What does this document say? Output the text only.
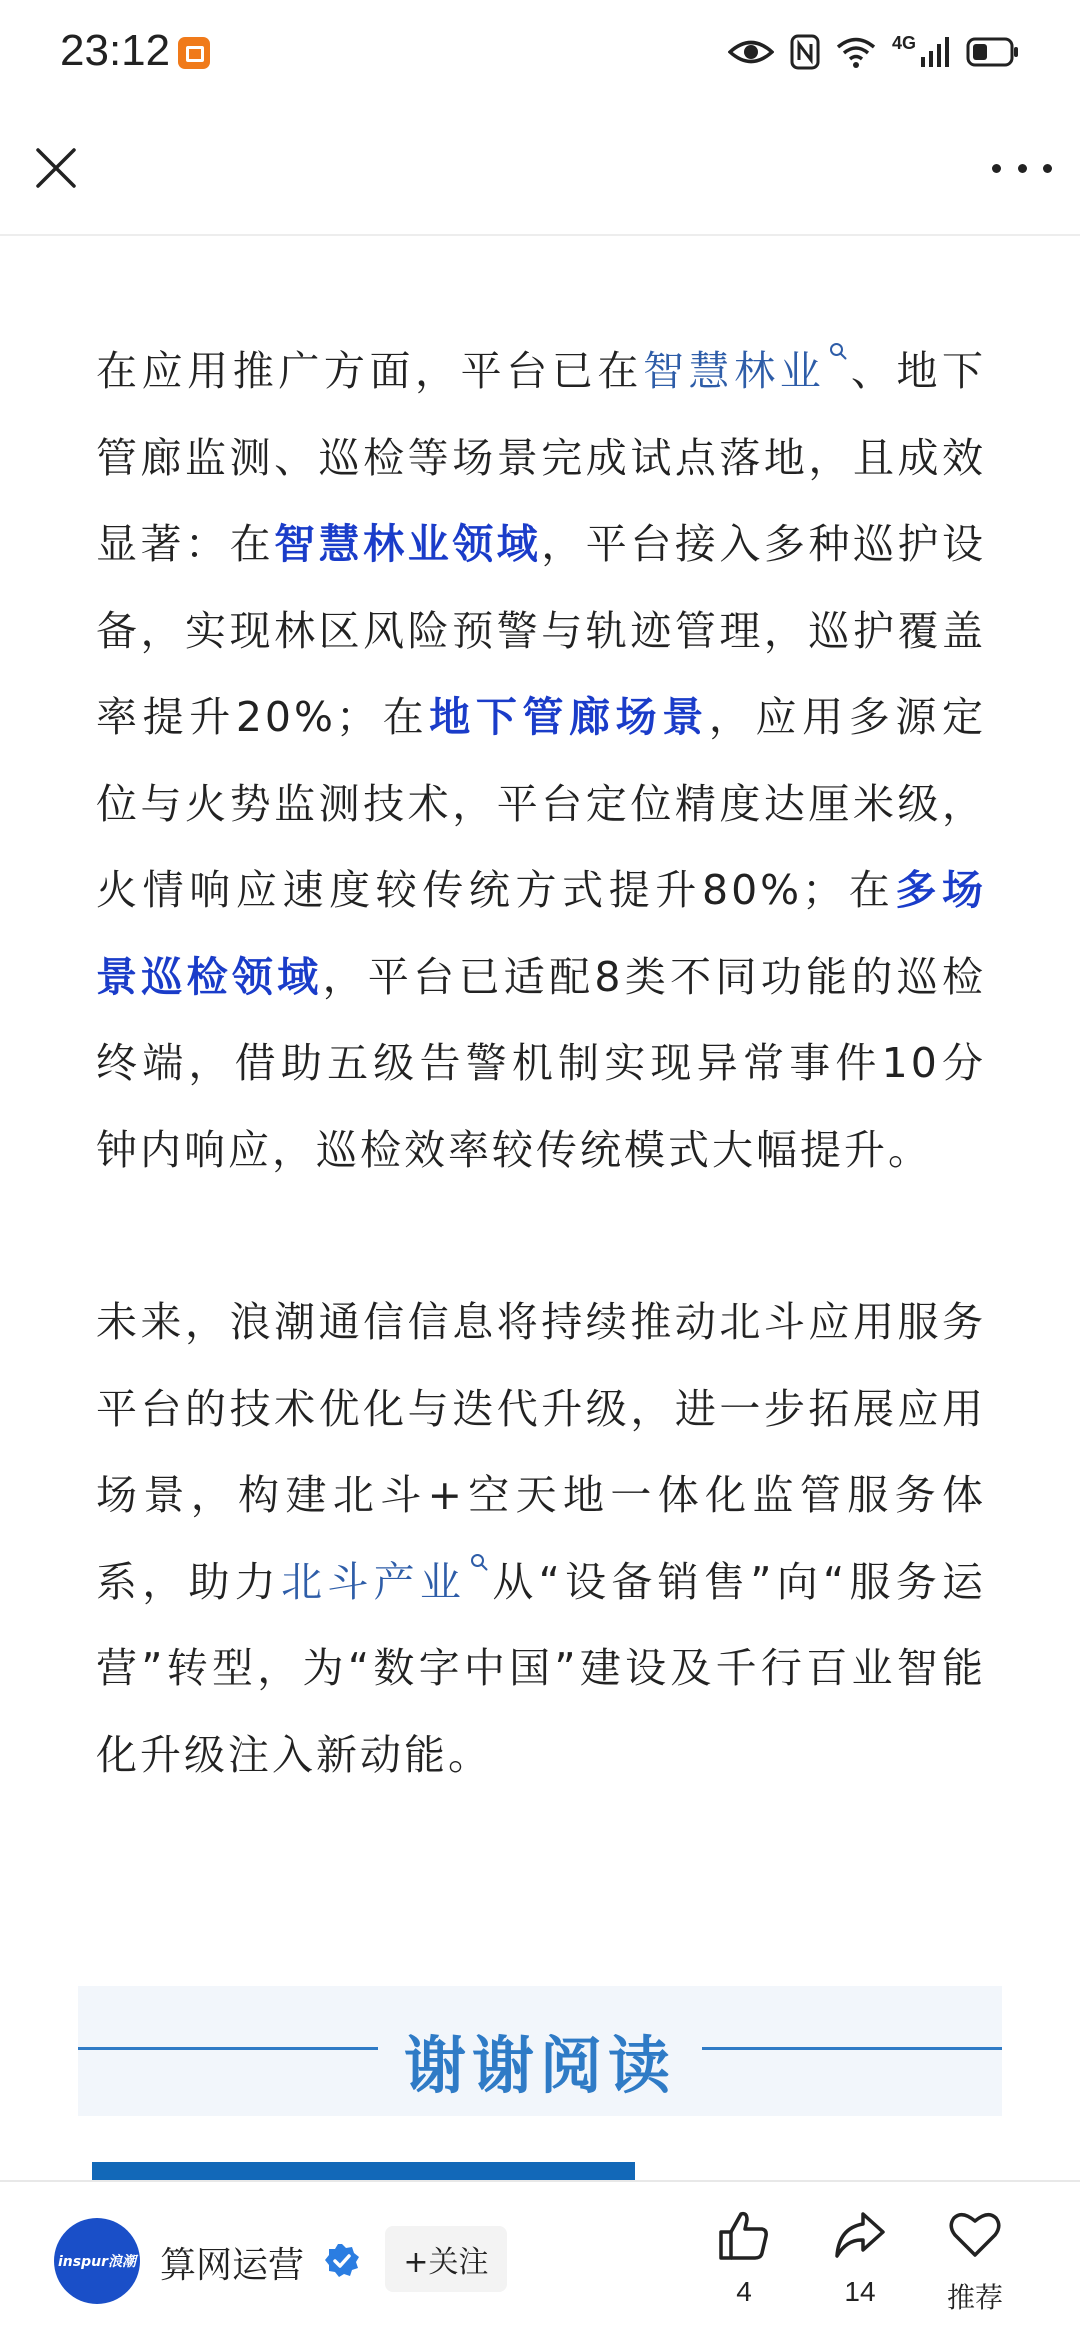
23:12	4G

在应用推广方面，平台已在智慧林业 、地下管廊监测、巡检等场景完成试点落地，且成效显著：在智慧林业领域，平台接入多种巡护设备，实现林区风险预警与轨迹管理，巡护覆盖率提升20%；在地下管廊场景，应用多源定位与火势监测技术，平台定位精度达厘米级，火情响应速度较传统方式提升80%；在多场景巡检领域，平台已适配8类不同功能的巡检终端，借助五级告警机制实现异常事件10分钟内响应，巡检效率较传统模式大幅提升。

未来，浪潮通信信息将持续推动北斗应用服务平台的技术优化与迭代升级，进一步拓展应用场景，构建北斗+空天地一体化监管服务体系，助力北斗产业 从“设备销售”向“服务运营”转型，为“数字中国”建设及千行百业智能化升级注入新动能。

谢谢阅读
inspur浪潮 算网运营	+关注
4	14	推荐
